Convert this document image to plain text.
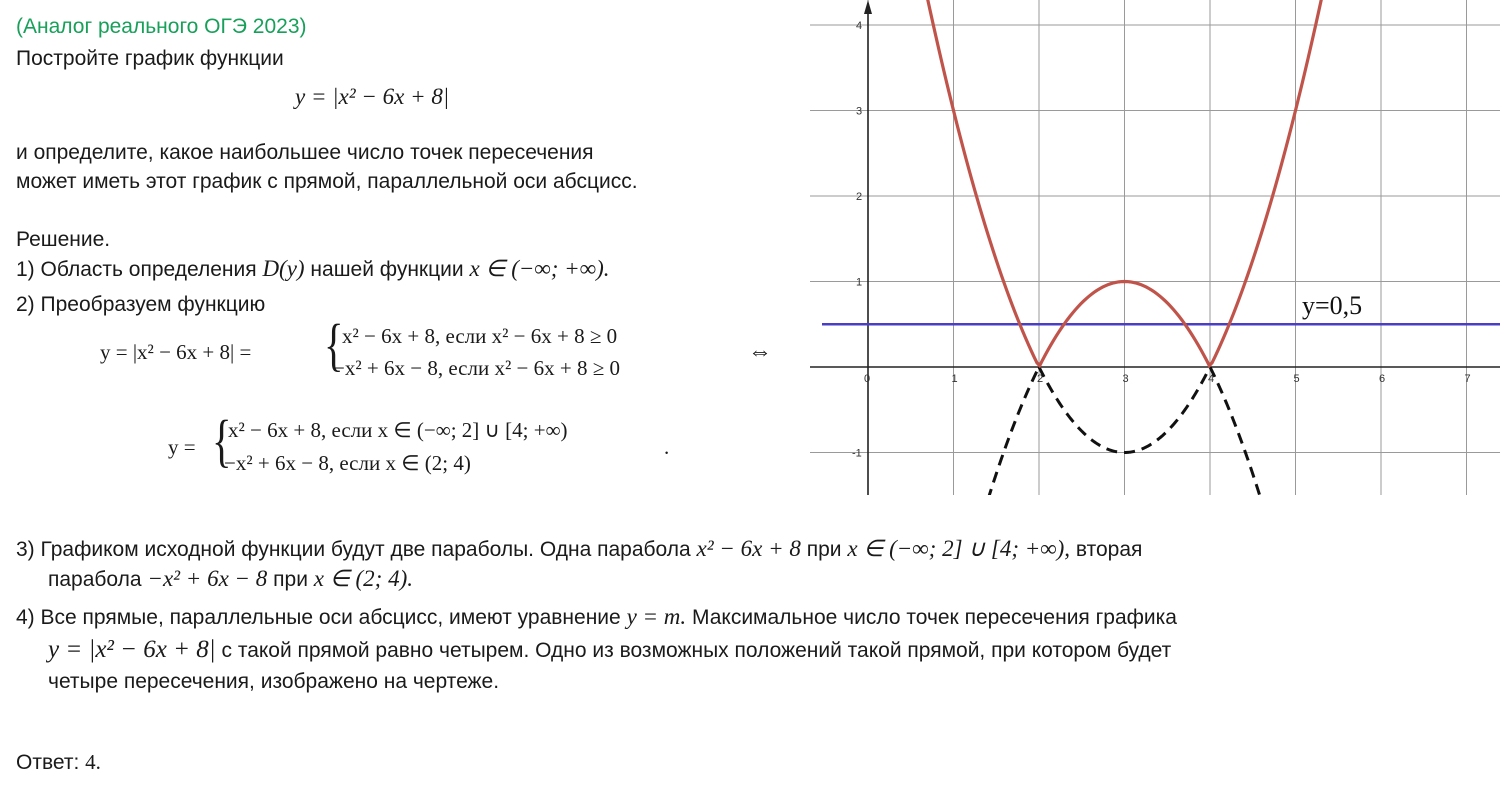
(Аналог реального ОГЭ 2023)
Постройте график функции
y = |x² − 6x + 8|
и определите, какое наибольшее число точек пересечения
может иметь этот график с прямой, параллельной оси абсцисс.
Решение.
1) Область определения D(y) нашей функции x ∈ (−∞; +∞).
2) Преобразуем функцию
y = |x² − 6x + 8| = {
x² − 6x + 8, если x² − 6x + 8 ≥ 0
−x² + 6x − 8, если x² − 6x + 8 ≥ 0
⇔
y = {
x² − 6x + 8, если x ∈ (−∞; 2] ∪ [4; +∞)
−x² + 6x − 8, если x ∈ (2; 4)
.
3) Графиком исходной функции будут две параболы. Одна парабола x² − 6x + 8 при x ∈ (−∞; 2] ∪ [4; +∞), вторая
парабола −x² + 6x − 8 при x ∈ (2; 4).
4) Все прямые, параллельные оси абсцисс, имеют уравнение y = m. Максимальное число точек пересечения графика
y = |x² − 6x + 8| с такой прямой равно четырем. Одно из возможных положений такой прямой, при котором будет
четыре пересечения, изображено на чертеже.
Ответ: 4.
0	1	2	3	4	5	6	7
4
3
2
1
-1
y=0,5
